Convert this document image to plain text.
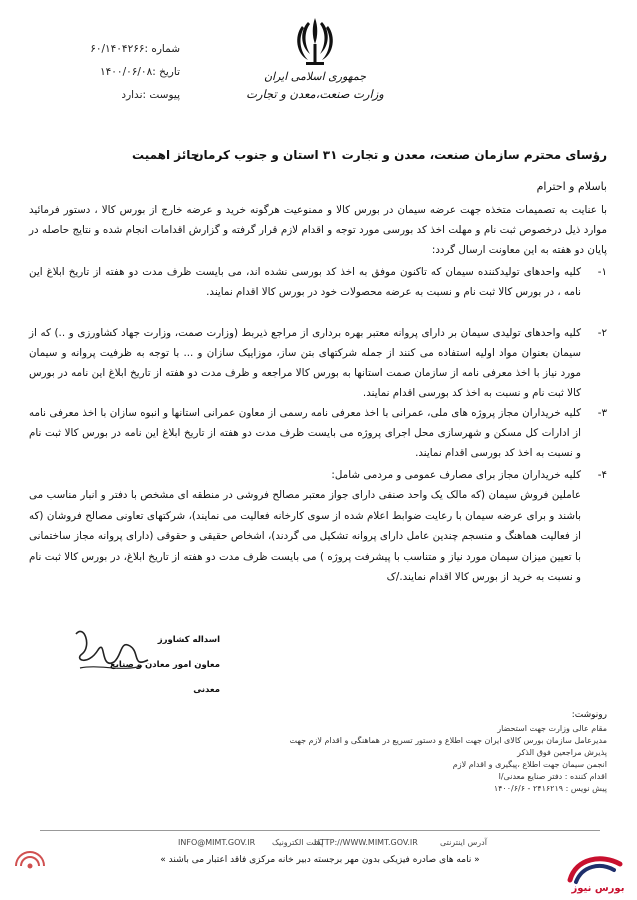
شماره :۶۰/۱۴۰۴۲۶۶
تاریخ :۱۴۰۰/۰۶/۰۸
پیوست :ندارد
جمهوری اسلامی ایران
وزارت صنعت،معدن و تجارت
رؤسای محترم سازمان صنعت، معدن و تجارت ۳۱ استان و جنوب کرمان
حائز اهمیت
باسلام و احترام
با عنایت به تصمیمات متخذه جهت عرضه سیمان در بورس کالا و ممنوعیت هرگونه خرید و عرضه خارج از بورس کالا ، دستور فرمائید موارد ذیل درخصوص ثبت نام و مهلت اخذ کد بورسی مورد توجه و اقدام لازم قرار گرفته و گزارش اقدامات انجام شده و نتایج حاصله در پایان دو هفته به این معاونت ارسال گردد:
۱-
کلیه واحدهای تولیدکننده سیمان که تاکنون موفق به اخذ کد بورسی نشده اند، می بایست ظرف مدت دو هفته از تاریخ ابلاغ این نامه ، در بورس کالا ثبت نام و نسبت به عرضه محصولات خود در بورس کالا اقدام نمایند.
۲-
کلیه واحدهای تولیدی سیمان بر دارای پروانه معتبر بهره برداری از مراجع ذیربط (وزارت صمت، وزارت جهاد کشاورزی و ..) که از سیمان بعنوان مواد اولیه استفاده می کنند از جمله شرکتهای بتن ساز، موزاییک سازان و ... با توجه به ظرفیت پروانه و سیمان مورد نیاز با اخذ معرفی نامه از سازمان صمت استانها به بورس کالا مراجعه و ظرف مدت دو هفته از تاریخ ابلاغ این نامه در بورس کالا ثبت نام و نسبت به اخذ کد بورسی اقدام نمایند.
۳-
کلیه خریداران مجاز پروژه های ملی، عمرانی با اخذ معرفی نامه رسمی از معاون عمرانی استانها و انبوه سازان با اخذ معرفی نامه از ادارات کل مسکن و شهرسازی محل اجرای پروژه می بایست ظرف مدت دو هفته از تاریخ ابلاغ این نامه در بورس کالا ثبت نام و نسبت به اخذ کد بورسی اقدام نمایند.
۴-
کلیه خریداران مجاز برای مصارف عمومی و مردمی شامل:
عاملین فروش سیمان (که مالک یک واحد صنفی دارای جواز معتبر مصالح فروشی در منطقه ای مشخص با دفتر و انبار مناسب می باشند و برای عرضه سیمان با رعایت ضوابط اعلام شده از سوی کارخانه فعالیت می نمایند)، شرکتهای تعاونی مصالح فروشان (که از فعالیت هماهنگ و منسجم چندین عامل دارای پروانه تشکیل می گردند)، اشخاص حقیقی و حقوقی (دارای پروانه مجاز ساختمانی با تعیین میزان سیمان مورد نیاز و متناسب با پیشرفت پروژه ) می بایست ظرف مدت دو هفته از تاریخ ابلاغ، در بورس کالا ثبت نام و نسبت به خرید از بورس کالا اقدام نمایند./ک
اسداله کشاورز
معاون امور معادن و صنایع معدنی
رونوشت:
مقام عالی وزارت جهت استحضار
مدیرعامل سازمان بورس کالای ایران جهت اطلاع و دستور تسریع در هماهنگی و اقدام لازم جهت پذیرش مراجعین فوق الذکر
انجمن سیمان جهت اطلاع ،پیگیری و اقدام لازم
اقدام کننده : دفتر صنایع معدنی/ا
پیش نویس : ۲۴۱۶۲۱۹ - ۱۴۰۰/۶/۶
INFO@MIMT.GOV.IR پست الکترونیک
HTTP://WWW.MIMT.GOV.IR	آدرس اینترنتی
« نامه های صادره فیزیکی بدون مهر برجسته دبیر خانه مرکزی فاقد اعتبار می باشند »
بورس نیوز
